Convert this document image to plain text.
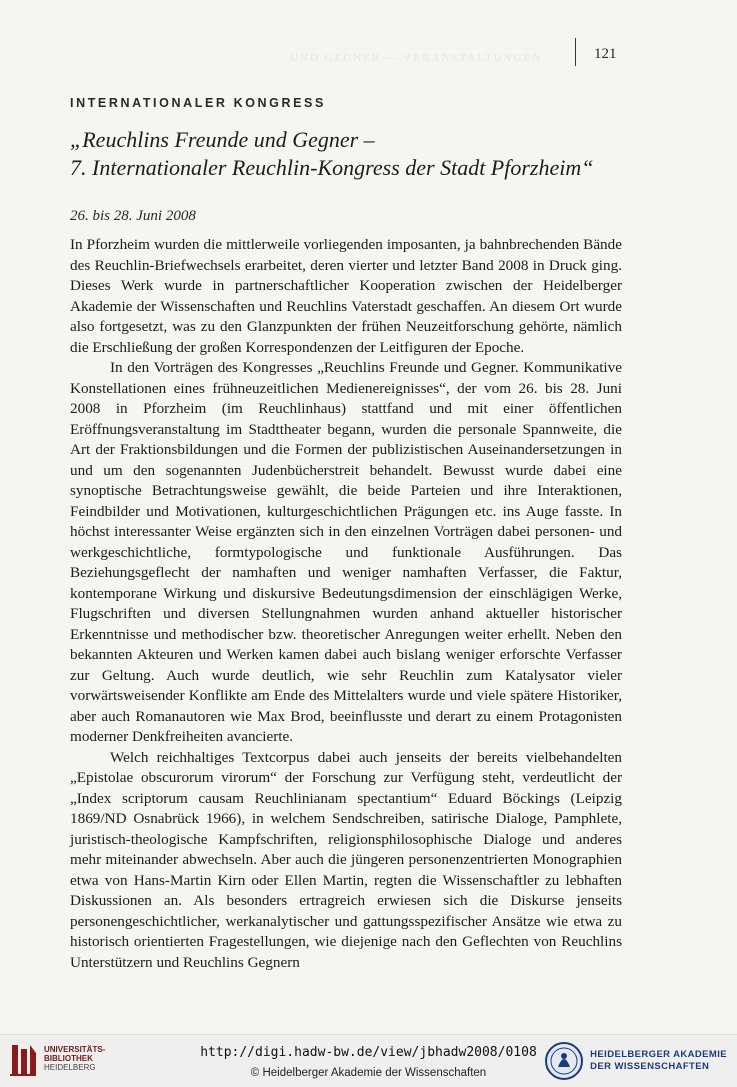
UND GEGNER — VERANSTALTUNGEN	121
INTERNATIONALER KONGRESS
„Reuchlins Freunde und Gegner –
7. Internationaler Reuchlin-Kongress der Stadt Pforzheim“
26. bis 28. Juni 2008

In Pforzheim wurden die mittlerweile vorliegenden imposanten, ja bahnbrechenden Bände des Reuchlin-Briefwechsels erarbeitet, deren vierter und letzter Band 2008 in Druck ging. Dieses Werk wurde in partnerschaftlicher Kooperation zwischen der Heidelberger Akademie der Wissenschaften und Reuchlins Vaterstadt geschaffen. An diesem Ort wurde also fortgesetzt, was zu den Glanzpunkten der frühen Neuzeitforschung gehörte, nämlich die Erschließung der großen Korrespondenzen der Leitfiguren der Epoche.

In den Vorträgen des Kongresses „Reuchlins Freunde und Gegner. Kommunikative Konstellationen eines frühneuzeitlichen Medienereignisses“, der vom 26. bis 28. Juni 2008 in Pforzheim (im Reuchlinhaus) stattfand und mit einer öffentlichen Eröffnungsveranstaltung im Stadttheater begann, wurden die personale Spannweite, die Art der Fraktionsbildungen und die Formen der publizistischen Auseinandersetzungen in und um den sogenannten Judenbücherstreit behandelt. Bewusst wurde dabei eine synoptische Betrachtungsweise gewählt, die beide Parteien und ihre Interaktionen, Feindbilder und Motivationen, kulturgeschichtlichen Prägungen etc. ins Auge fasste. In höchst interessanter Weise ergänzten sich in den einzelnen Vorträgen dabei personen- und werkgeschichtliche, formtypologische und funktionale Ausführungen. Das Beziehungsgeflecht der namhaften und weniger namhaften Verfasser, die Faktur, kontemporane Wirkung und diskursive Bedeutungsdimension der einschlägigen Werke, Flugschriften und diversen Stellungnahmen wurden anhand aktueller historischer Erkenntnisse und methodischer bzw. theoretischer Anregungen weiter erhellt. Neben den bekannten Akteuren und Werken kamen dabei auch bislang weniger erforschte Verfasser zur Geltung. Auch wurde deutlich, wie sehr Reuchlin zum Katalysator vieler vorwärtsweisender Konflikte am Ende des Mittelalters wurde und viele spätere Historiker, aber auch Romanautoren wie Max Brod, beeinflusste und derart zu einem Protagonisten moderner Denkfreiheiten avancierte.

Welch reichhaltiges Textcorpus dabei auch jenseits der bereits vielbehandelten „Epistolae obscurorum virorum“ der Forschung zur Verfügung steht, verdeutlicht der „Index scriptorum causam Reuchlinianam spectantium“ Eduard Böckings (Leipzig 1869/ND Osnabrück 1966), in welchem Sendschreiben, satirische Dialoge, Pamphlete, juristisch-theologische Kampfschriften, religionsphilosophische Dialoge und anderes mehr miteinander abwechseln. Aber auch die jüngeren personenzentrierten Monographien etwa von Hans-Martin Kirn oder Ellen Martin, regten die Wissenschaftler zu lebhaften Diskussionen an. Als besonders ertragreich erwiesen sich die Diskurse jenseits personengeschichtlicher, werkanalytischer und gattungsspezifischer Ansätze wie etwa zu historisch orientierten Fragestellungen, wie diejenige nach den Geflechten von Reuchlins Unterstützern und Reuchlins Gegnern

UNIVERSITÄTS-
BIBLIOTHEK
HEIDELBERG
http://digi.hadw-bw.de/view/jbhadw2008/0108
© Heidelberger Akademie der Wissenschaften
HEIDELBERGER AKADEMIE
DER WISSENSCHAFTEN
